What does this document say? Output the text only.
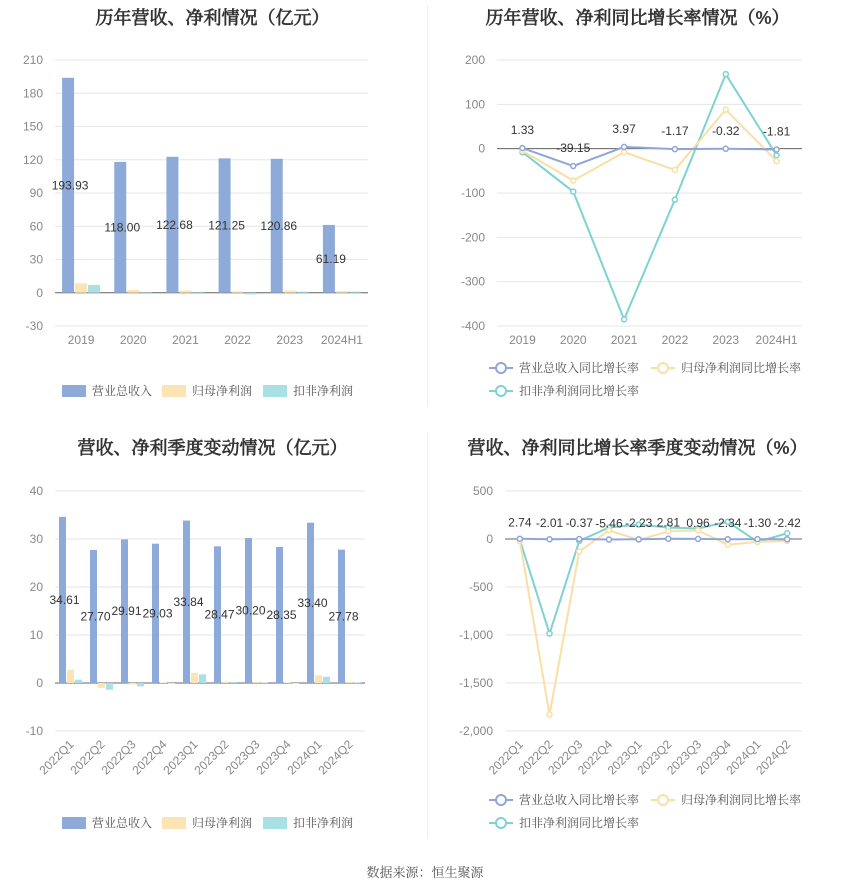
历年营收、净利情况（亿元）
-30
0
30
60
90
120
150
180
210
193.93
2019
118.00
2020
122.68
2021
121.25
2022
120.86
2023
61.19
2024H1
营业总收入	归母净利润	扣非净利润
历年营收、净利同比增长率情况（%）
-400
-300
-200
-100
0
100
200
1.33
-39.15
3.97 -1.17 -0.32 -1.81
2019 2020 2021 2022 2023 2024H1
营业总收入同比增长率	归母净利润同比增长率
扣非净利润同比增长率
营收、净利季度变动情况（亿元）
-10
0
10
20
30
40
34.61
2022Q1
27.70
2022Q2
29.91
2022Q3
29.03
2022Q4
33.84
2023Q1
28.47
2023Q2
30.20
2023Q3
28.35
2023Q4
33.40
2024Q1
27.78
2024Q2
营业总收入	归母净利润	扣非净利润
营收、净利同比增长率季度变动情况（%）
-2,000
-1,500
-1,000
-500
0
500
2.74 -2.01 -0.37 -5.46 -2.23 2.81 0.96 -2.34 -1.30 -2.42
2022Q1
2022Q2
2022Q3
2022Q4
2023Q1
2023Q2
2023Q3
2023Q4
2024Q1
2024Q2
营业总收入同比增长率	归母净利润同比增长率
扣非净利润同比增长率
数据来源：恒生聚源
